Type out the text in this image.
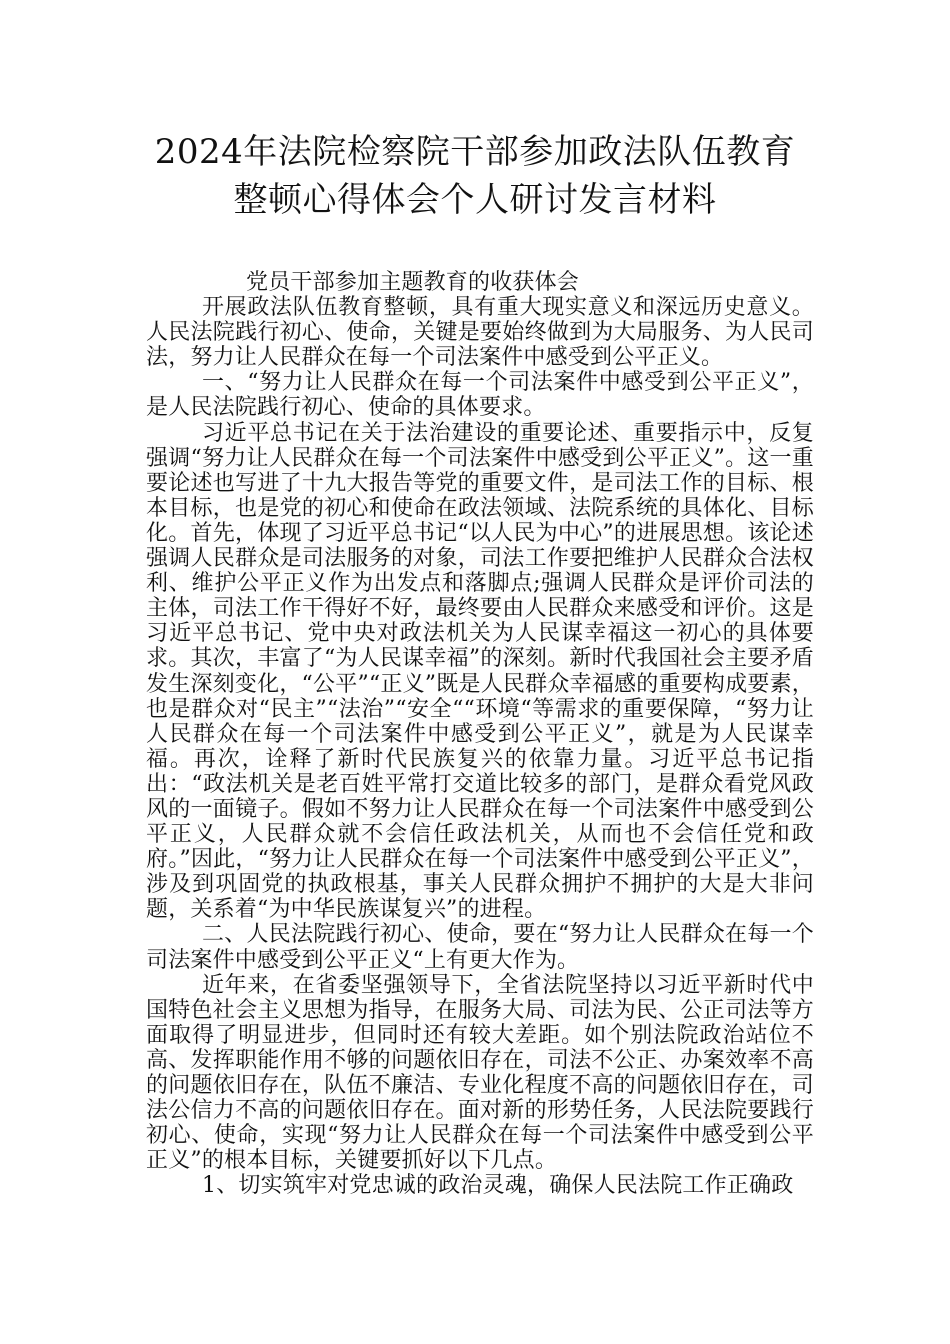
2024年法院检察院干部参加政法队伍教育
整顿心得体会个人研讨发言材料

党员干部参加主题教育的收获体会

开展政法队伍教育整顿，具有重大现实意义和深远历史意义。人民法院践行初心、使命，关键是要始终做到为大局服务、为人民司法，努力让人民群众在每一个司法案件中感受到公平正义。

一、“努力让人民群众在每一个司法案件中感受到公平正义”，是人民法院践行初心、使命的具体要求。

习近平总书记在关于法治建设的重要论述、重要指示中，反复强调“努力让人民群众在每一个司法案件中感受到公平正义”。这一重要论述也写进了十九大报告等党的重要文件，是司法工作的目标、根本目标，也是党的初心和使命在政法领域、法院系统的具体化、目标化。首先，体现了习近平总书记“以人民为中心”的进展思想。该论述强调人民群众是司法服务的对象，司法工作要把维护人民群众合法权利、维护公平正义作为出发点和落脚点;强调人民群众是评价司法的主体，司法工作干得好不好，最终要由人民群众来感受和评价。这是习近平总书记、党中央对政法机关为人民谋幸福这一初心的具体要求。其次，丰富了“为人民谋幸福”的深刻。新时代我国社会主要矛盾发生深刻变化，“公平”“正义”既是人民群众幸福感的重要构成要素，也是群众对“民主”“法治”“安全““环境“等需求的重要保障，“努力让人民群众在每一个司法案件中感受到公平正义”，就是为人民谋幸福。再次，诠释了新时代民族复兴的依靠力量。习近平总书记指出：“政法机关是老百姓平常打交道比较多的部门，是群众看党风政风的一面镜子。假如不努力让人民群众在每一个司法案件中感受到公平正义，人民群众就不会信任政法机关，从而也不会信任党和政府。”因此，“努力让人民群众在每一个司法案件中感受到公平正义”，涉及到巩固党的执政根基，事关人民群众拥护不拥护的大是大非问题，关系着“为中华民族谋复兴”的进程。

二、人民法院践行初心、使命，要在“努力让人民群众在每一个司法案件中感受到公平正义“上有更大作为。

近年来，在省委坚强领导下，全省法院坚持以习近平新时代中国特色社会主义思想为指导，在服务大局、司法为民、公正司法等方面取得了明显进步，但同时还有较大差距。如个别法院政治站位不高、发挥职能作用不够的问题依旧存在，司法不公正、办案效率不高的问题依旧存在，队伍不廉洁、专业化程度不高的问题依旧存在，司法公信力不高的问题依旧存在。面对新的形势任务，人民法院要践行初心、使命，实现“努力让人民群众在每一个司法案件中感受到公平正义”的根本目标，关键要抓好以下几点。

1、切实筑牢对党忠诚的政治灵魂，确保人民法院工作正确政
